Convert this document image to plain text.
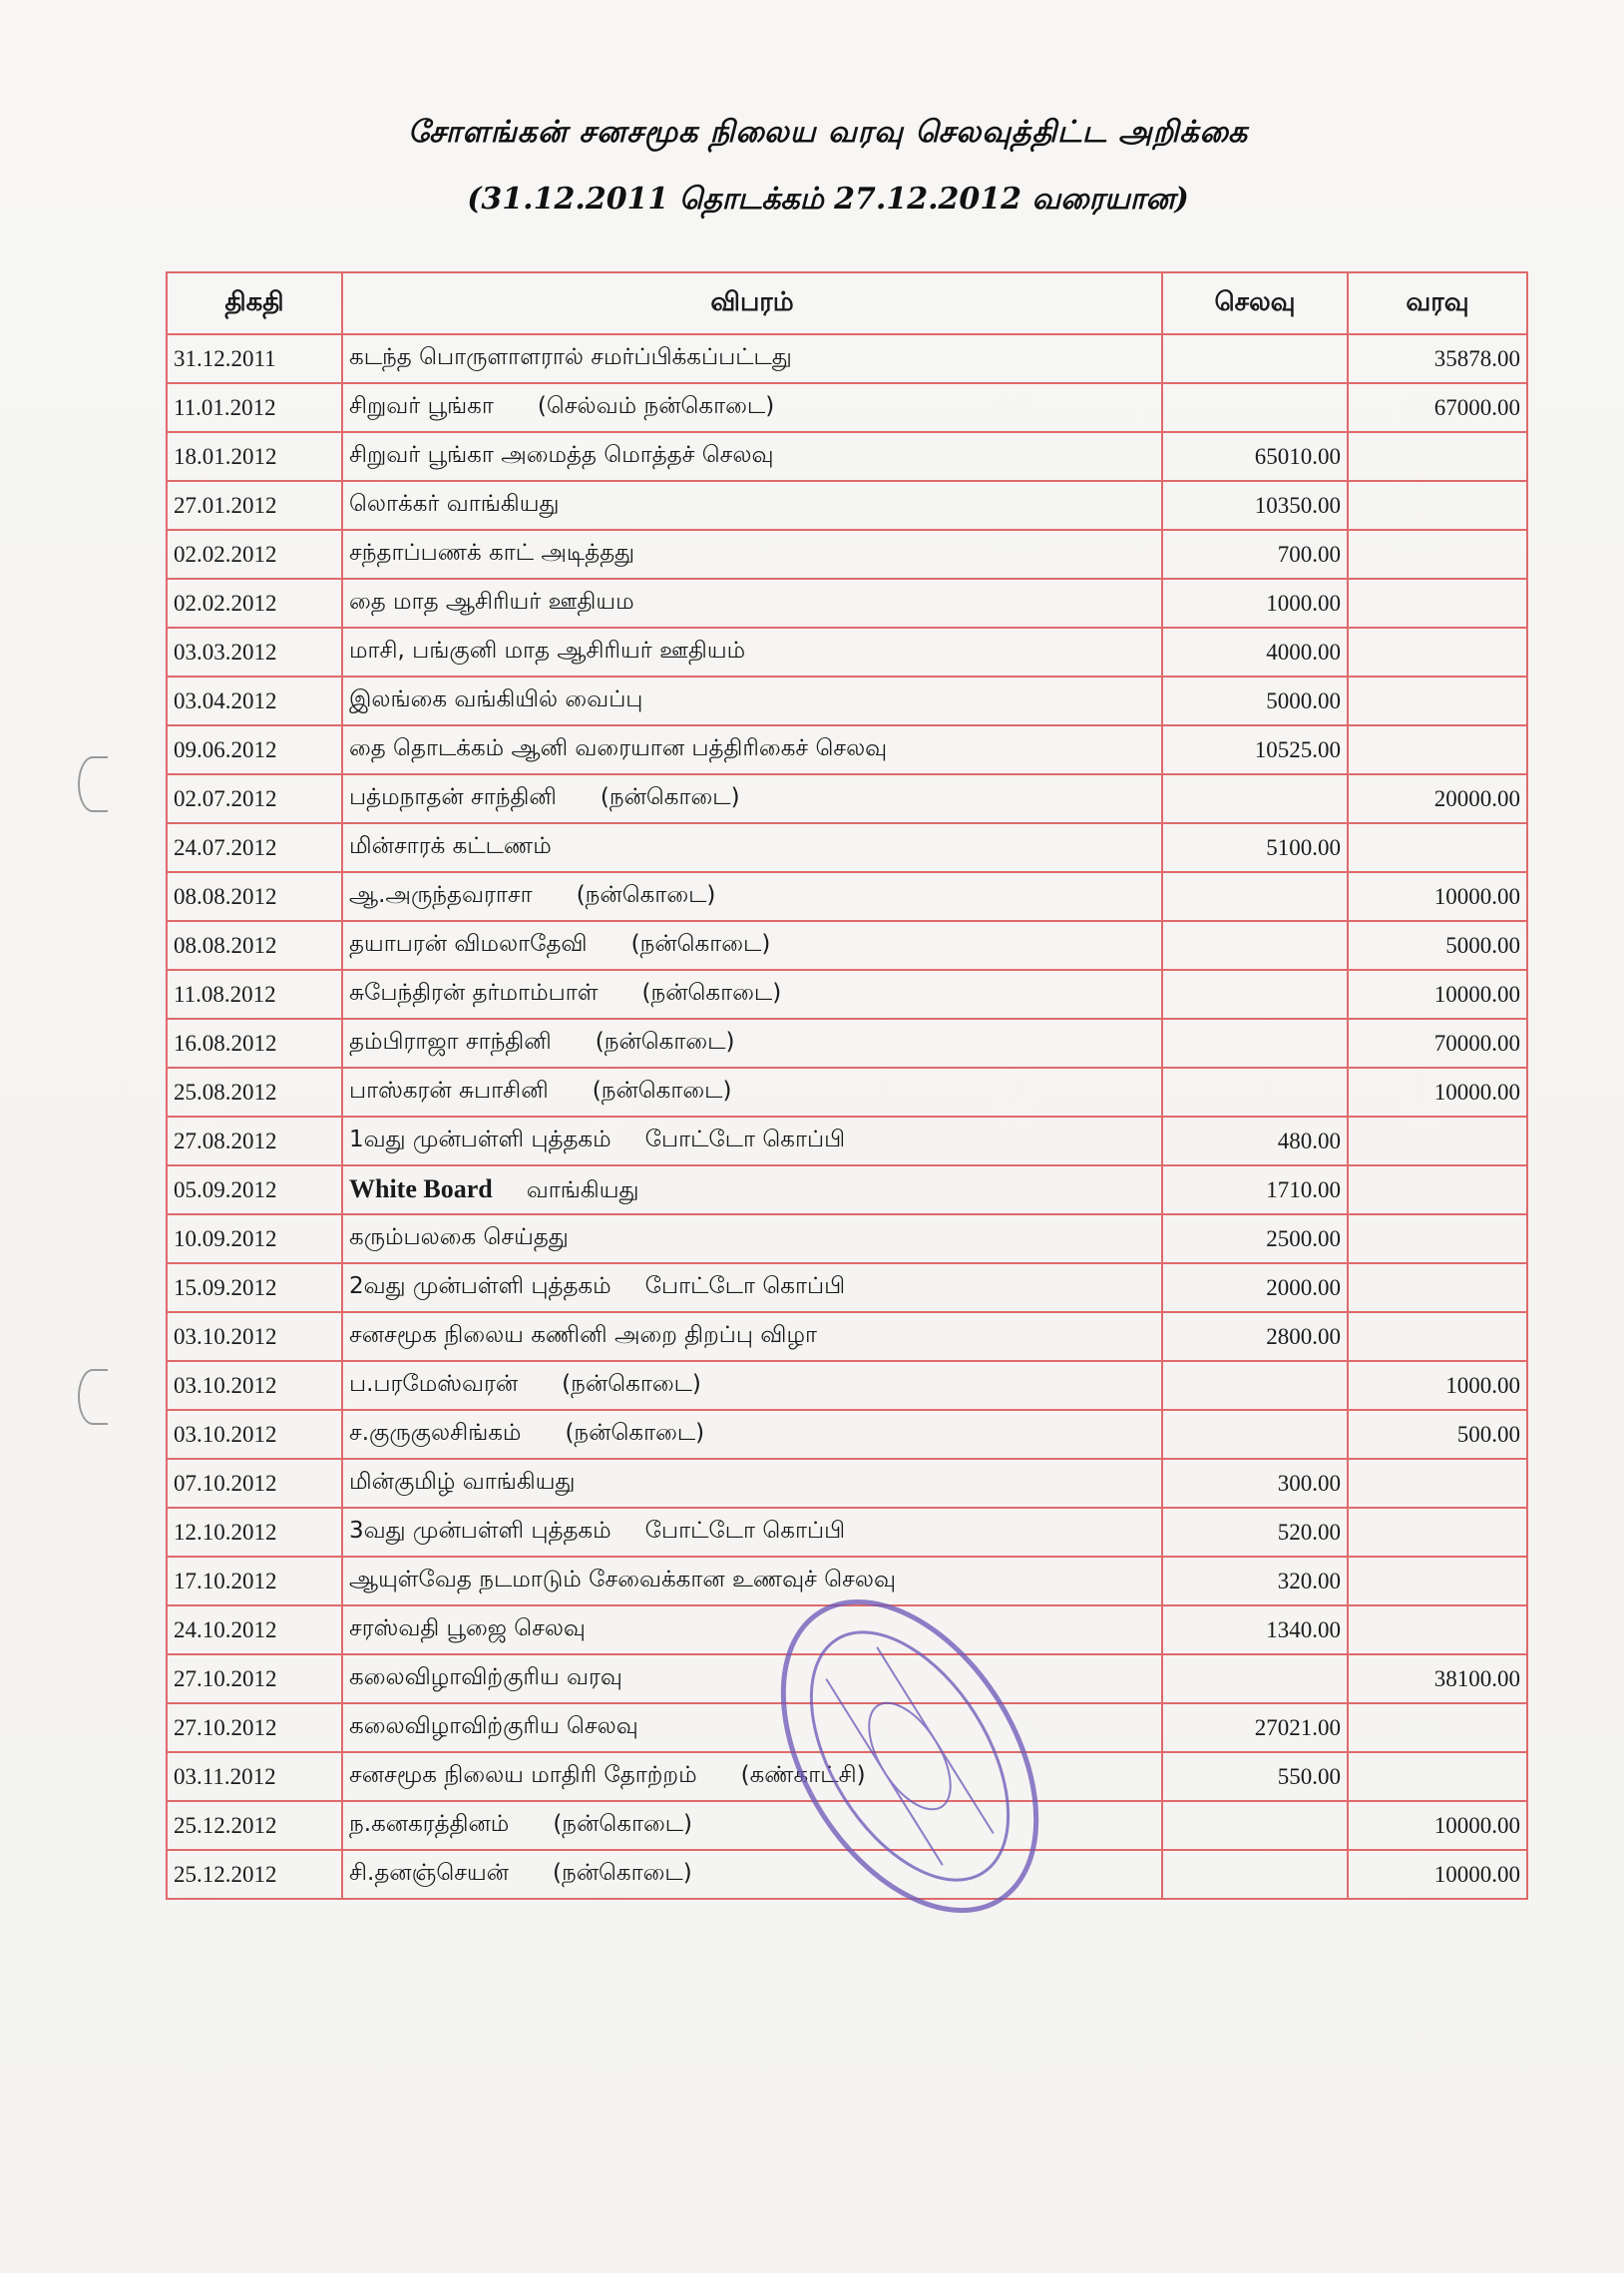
சோளங்கன் சனசமூக நிலைய வரவு செலவுத்திட்ட அறிக்கை
(31.12.2011 தொடக்கம் 27.12.2012 வரையான)
திகதி	விபரம்	செலவு	வரவு
31.12.2011	கடந்த பொருளாளரால் சமர்ப்பிக்கப்பட்டது		35878.00
11.01.2012	சிறுவர் பூங்கா (செல்வம் நன்கொடை)		67000.00
18.01.2012	சிறுவர் பூங்கா அமைத்த மொத்தச் செலவு	65010.00	
27.01.2012	லொக்கர் வாங்கியது	10350.00	
02.02.2012	சந்தாப்பணக் காட் அடித்தது	700.00	
02.02.2012	தை மாத ஆசிரியர் ஊதியம	1000.00	
03.03.2012	மாசி, பங்குனி மாத ஆசிரியர் ஊதியம்	4000.00	
03.04.2012	இலங்கை வங்கியில் வைப்பு	5000.00	
09.06.2012	தை தொடக்கம் ஆனி வரையான பத்திரிகைச் செலவு	10525.00	
02.07.2012	பத்மநாதன் சாந்தினி (நன்கொடை)		20000.00
24.07.2012	மின்சாரக் கட்டணம்	5100.00	
08.08.2012	ஆ.அருந்தவராசா (நன்கொடை)		10000.00
08.08.2012	தயாபரன் விமலாதேவி (நன்கொடை)		5000.00
11.08.2012	சுபேந்திரன் தர்மாம்பாள் (நன்கொடை)		10000.00
16.08.2012	தம்பிராஜா சாந்தினி (நன்கொடை)		70000.00
25.08.2012	பாஸ்கரன் சுபாசினி (நன்கொடை)		10000.00
27.08.2012	1வது முன்பள்ளி புத்தகம் போட்டோ கொப்பி	480.00	
05.09.2012	White Board வாங்கியது	1710.00	
10.09.2012	கரும்பலகை செய்தது	2500.00	
15.09.2012	2வது முன்பள்ளி புத்தகம் போட்டோ கொப்பி	2000.00	
03.10.2012	சனசமூக நிலைய கணினி அறை திறப்பு விழா	2800.00	
03.10.2012	ப.பரமேஸ்வரன் (நன்கொடை)		1000.00
03.10.2012	ச.குருகுலசிங்கம் (நன்கொடை)		500.00
07.10.2012	மின்குமிழ் வாங்கியது	300.00	
12.10.2012	3வது முன்பள்ளி புத்தகம் போட்டோ கொப்பி	520.00	
17.10.2012	ஆயுள்வேத நடமாடும் சேவைக்கான உணவுச் செலவு	320.00	
24.10.2012	சரஸ்வதி பூஜை செலவு	1340.00	
27.10.2012	கலைவிழாவிற்குரிய வரவு		38100.00
27.10.2012	கலைவிழாவிற்குரிய செலவு	27021.00	
03.11.2012	சனசமூக நிலைய மாதிரி தோற்றம் (கண்காட்சி)	550.00	
25.12.2012	ந.கனகரத்தினம் (நன்கொடை)		10000.00
25.12.2012	சி.தனஞ்செயன் (நன்கொடை)		10000.00
